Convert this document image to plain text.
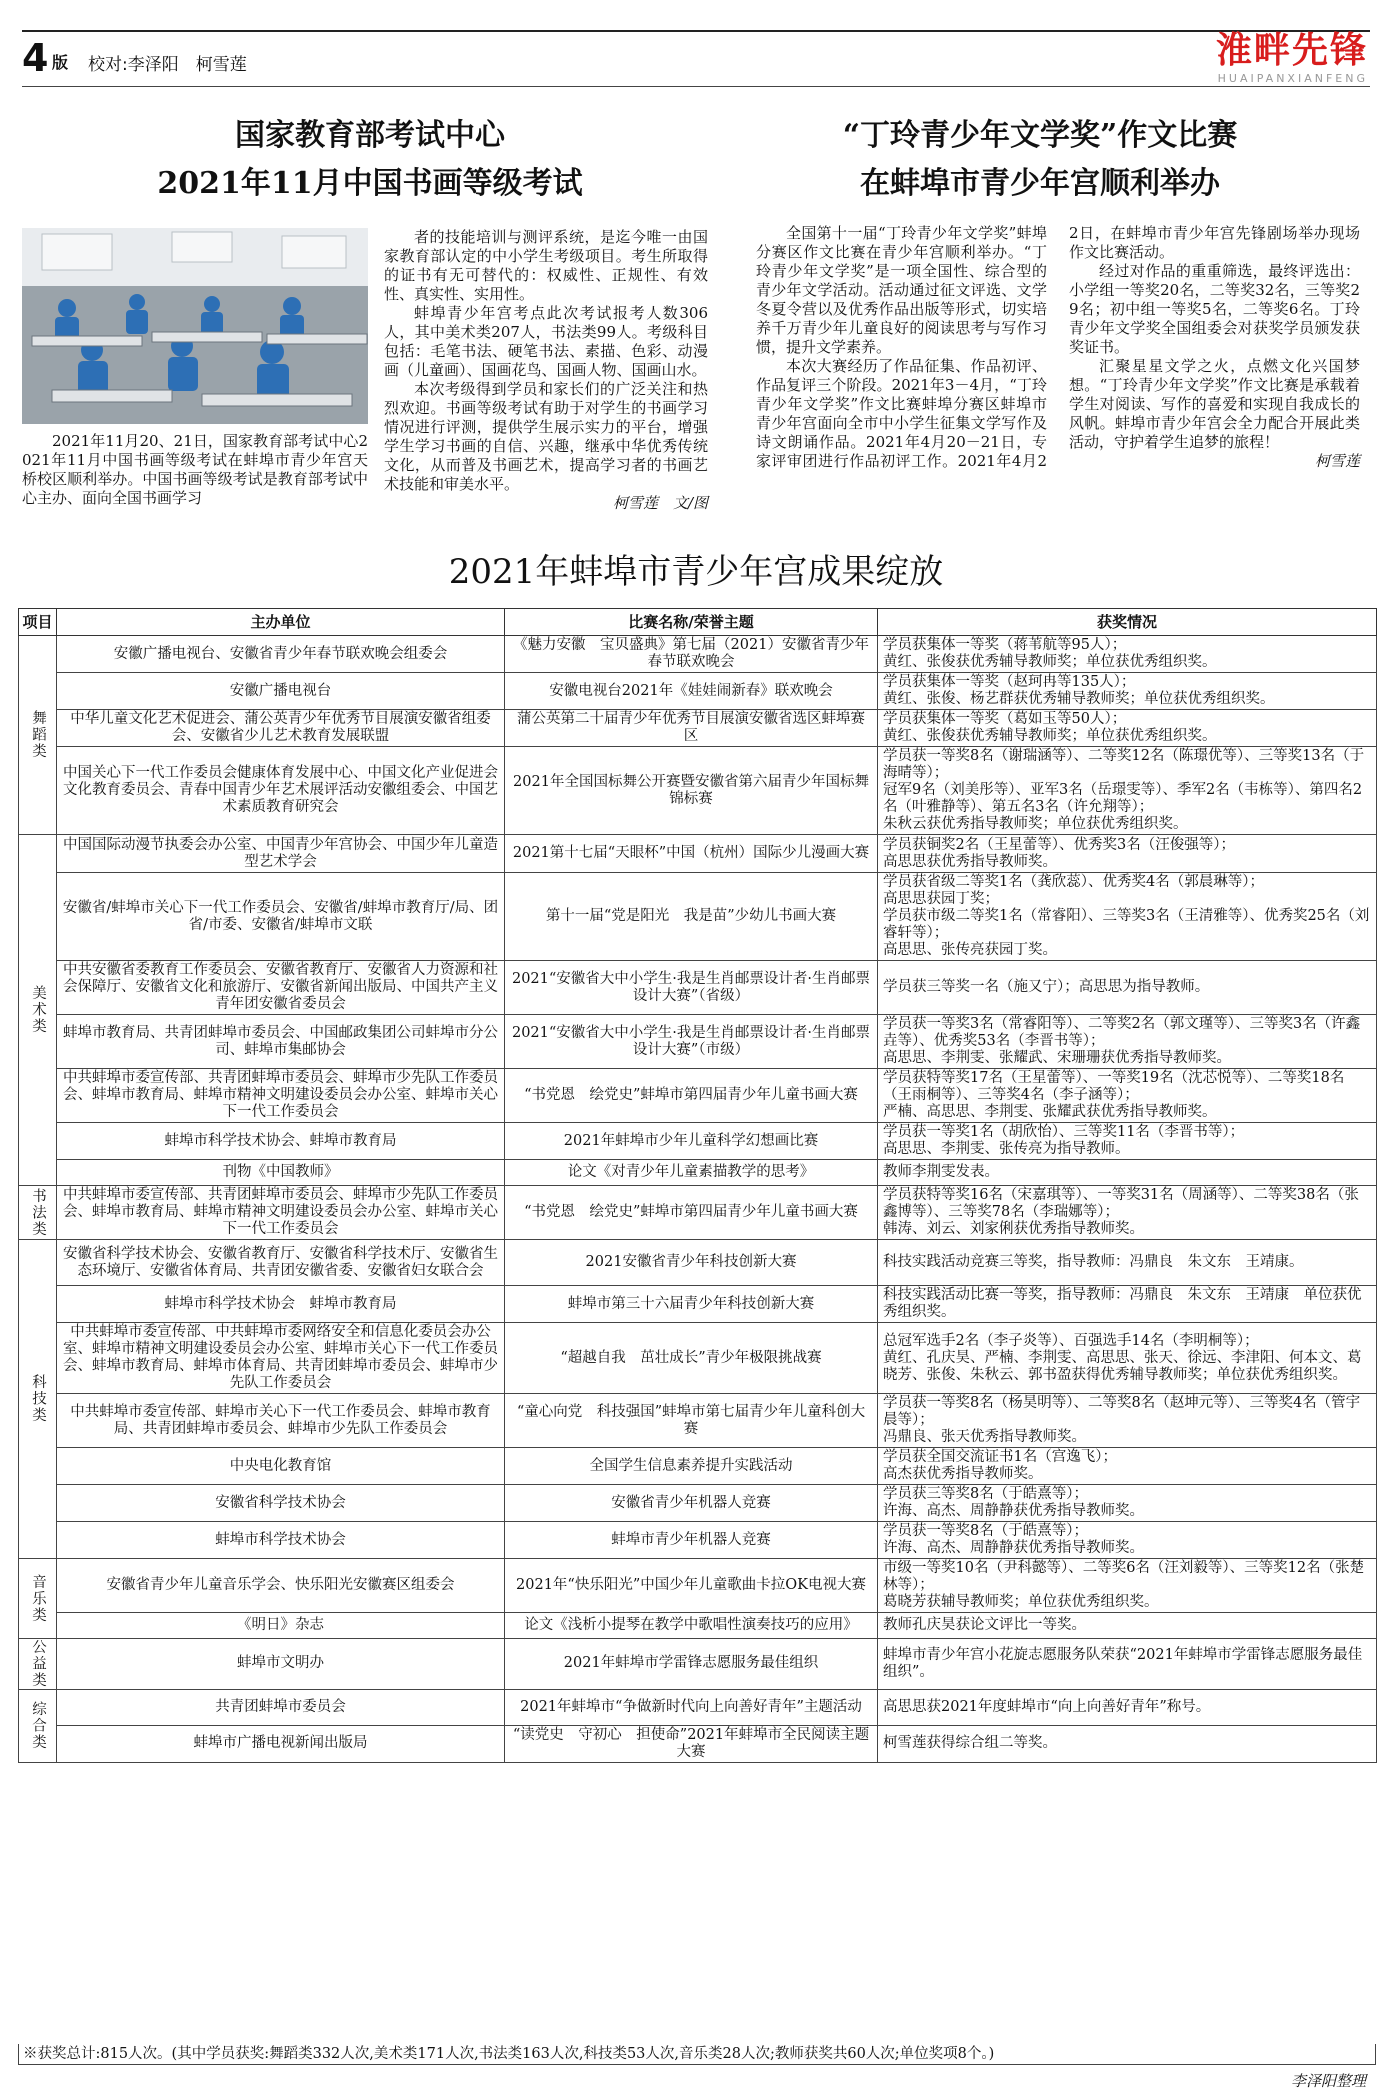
4 版 校对:李泽阳　柯雪莲	淮畔先锋
HUAIPANXIANFENG
国家教育部考试中心
2021年11月中国书画等级考试

2021年11月20、21日，国家教育部考试中心2021年11月中国书画等级考试在蚌埠市青少年宫天桥校区顺利举办。中国书画等级考试是教育部考试中心主办、面向全国书画学习

者的技能培训与测评系统，是迄今唯一由国家教育部认定的中小学生考级项目。考生所取得的证书有无可替代的：权威性、正规性、有效性、真实性、实用性。

蚌埠青少年宫考点此次考试报考人数306人，其中美术类207人，书法类99人。考级科目包括：毛笔书法、硬笔书法、素描、色彩、动漫画（儿童画）、国画花鸟、国画人物、国画山水。

本次考级得到学员和家长们的广泛关注和热烈欢迎。书画等级考试有助于对学生的书画学习情况进行评测，提供学生展示实力的平台，增强学生学习书画的自信、兴趣，继承中华优秀传统文化，从而普及书画艺术，提高学习者的书画艺术技能和审美水平。

柯雪莲　文/图
“丁玲青少年文学奖”作文比赛
在蚌埠市青少年宫顺利举办

全国第十一届“丁玲青少年文学奖”蚌埠分赛区作文比赛在青少年宫顺利举办。“丁玲青少年文学奖”是一项全国性、综合型的青少年文学活动。活动通过征文评选、文学冬夏令营以及优秀作品出版等形式，切实培养千万青少年儿童良好的阅读思考与写作习惯，提升文学素养。

本次大赛经历了作品征集、作品初评、作品复评三个阶段。2021年3－4月，“丁玲青少年文学奖”作文比赛蚌埠分赛区蚌埠市青少年宫面向全市中小学生征集文学写作及诗文朗诵作品。2021年4月20－21日，专家评审团进行作品初评工作。2021年4月22日，在蚌埠市青少年宫先锋剧场举办现场作文比赛活动。

经过对作品的重重筛选，最终评选出：小学组一等奖20名，二等奖32名，三等奖29名；初中组一等奖5名，二等奖6名。丁玲青少年文学奖全国组委会对获奖学员颁发获奖证书。

汇聚星星文学之火，点燃文化兴国梦想。“丁玲青少年文学奖”作文比赛是承载着学生对阅读、写作的喜爱和实现自我成长的风帆。蚌埠市青少年宫会全力配合开展此类活动，守护着学生追梦的旅程！

柯雪莲
2021年蚌埠市青少年宫成果绽放
项目	主办单位	比赛名称/荣誉主题	获奖情况
舞蹈类	安徽广播电视台、安徽省青少年春节联欢晚会组委会	《魅力安徽　宝贝盛典》第七届（2021）安徽省青少年春节联欢晚会	学员获集体一等奖（蒋苇航等95人）；
黄红、张俊获优秀辅导教师奖；单位获优秀组织奖。
	安徽广播电视台	安徽电视台2021年《娃娃闹新春》联欢晚会	学员获集体一等奖（赵珂冉等135人）；
黄红、张俊、杨艺群获优秀辅导教师奖；单位获优秀组织奖。
	中华儿童文化艺术促进会、蒲公英青少年优秀节目展演安徽省组委会、安徽省少儿艺术教育发展联盟	蒲公英第二十届青少年优秀节目展演安徽省选区蚌埠赛区	学员获集体一等奖（葛如玉等50人）；
黄红、张俊获优秀辅导教师奖；单位获优秀组织奖。
	中国关心下一代工作委员会健康体育发展中心、中国文化产业促进会文化教育委员会、青春中国青少年艺术展评活动安徽组委会、中国艺术素质教育研究会	2021年全国国标舞公开赛暨安徽省第六届青少年国标舞锦标赛	学员获一等奖8名（谢瑞涵等）、二等奖12名（陈璟优等）、三等奖13名（于海晴等）；
冠军9名（刘美彤等）、亚军3名（岳璟雯等）、季军2名（韦栋等）、第四名2名（叶雅静等）、第五名3名（许允翔等）；
朱秋云获优秀指导教师奖；单位获优秀组织奖。
美术类	中国国际动漫节执委会办公室、中国青少年宫协会、中国少年儿童造型艺术学会	2021第十七届“天眼杯”中国（杭州）国际少儿漫画大赛	学员获铜奖2名（王星蕾等）、优秀奖3名（汪俊强等）；
高思思获优秀指导教师奖。
	安徽省/蚌埠市关心下一代工作委员会、安徽省/蚌埠市教育厅/局、团省/市委、安徽省/蚌埠市文联	第十一届“党是阳光　我是苗”少幼儿书画大赛	学员获省级二等奖1名（龚欣蕊）、优秀奖4名（郭晨琳等）；
高思思获园丁奖；
学员获市级二等奖1名（常睿阳）、三等奖3名（王清雅等）、优秀奖25名（刘睿轩等）；
高思思、张传亮获园丁奖。
	中共安徽省委教育工作委员会、安徽省教育厅、安徽省人力资源和社会保障厅、安徽省文化和旅游厅、安徽省新闻出版局、中国共产主义青年团安徽省委员会	2021“安徽省大中小学生·我是生肖邮票设计者·生肖邮票设计大赛”（省级）	学员获三等奖一名（施又宁）；高思思为指导教师。
	蚌埠市教育局、共青团蚌埠市委员会、中国邮政集团公司蚌埠市分公司、蚌埠市集邮协会	2021“安徽省大中小学生·我是生肖邮票设计者·生肖邮票设计大赛”（市级）	学员获一等奖3名（常睿阳等）、二等奖2名（郭文瑾等）、三等奖3名（许鑫垚等）、优秀奖53名（李晋书等）；
高思思、李荆雯、张耀武、宋珊珊获优秀指导教师奖。
	中共蚌埠市委宣传部、共青团蚌埠市委员会、蚌埠市少先队工作委员会、蚌埠市教育局、蚌埠市精神文明建设委员会办公室、蚌埠市关心下一代工作委员会	“书党恩　绘党史”蚌埠市第四届青少年儿童书画大赛	学员获特等奖17名（王星蕾等）、一等奖19名（沈芯悦等）、二等奖18名（王雨桐等）、三等奖4名（李子涵等）；
严楠、高思思、李荆雯、张耀武获优秀指导教师奖。
	蚌埠市科学技术协会、蚌埠市教育局	2021年蚌埠市少年儿童科学幻想画比赛	学员获一等奖1名（胡欣怡）、三等奖11名（李晋书等）；
高思思、李荆雯、张传亮为指导教师。
	刊物《中国教师》	论文《对青少年儿童素描教学的思考》	教师李荆雯发表。
书法类	中共蚌埠市委宣传部、共青团蚌埠市委员会、蚌埠市少先队工作委员会、蚌埠市教育局、蚌埠市精神文明建设委员会办公室、蚌埠市关心下一代工作委员会	“书党恩　绘党史”蚌埠市第四届青少年儿童书画大赛	学员获特等奖16名（宋嘉琪等）、一等奖31名（周涵等）、二等奖38名（张鑫博等）、三等奖78名（李瑞娜等）；
韩涛、刘云、刘家俐获优秀指导教师奖。
科技类	安徽省科学技术协会、安徽省教育厅、安徽省科学技术厅、安徽省生态环境厅、安徽省体育局、共青团安徽省委、安徽省妇女联合会	2021安徽省青少年科技创新大赛	科技实践活动竞赛三等奖，指导教师：冯鼎良　朱文东　王靖康。
	蚌埠市科学技术协会　蚌埠市教育局	蚌埠市第三十六届青少年科技创新大赛	科技实践活动比赛一等奖，指导教师：冯鼎良　朱文东　王靖康　单位获优秀组织奖。
	中共蚌埠市委宣传部、中共蚌埠市委网络安全和信息化委员会办公室、蚌埠市精神文明建设委员会办公室、蚌埠市关心下一代工作委员会、蚌埠市教育局、蚌埠市体育局、共青团蚌埠市委员会、蚌埠市少先队工作委员会	“超越自我　茁壮成长”青少年极限挑战赛	总冠军选手2名（李子炎等）、百强选手14名（李明桐等）；
黄红、孔庆昊、严楠、李荆雯、高思思、张天、徐远、李津阳、何本文、葛晓芳、张俊、朱秋云、郭书盈获得优秀辅导教师奖；单位获优秀组织奖。
	中共蚌埠市委宣传部、蚌埠市关心下一代工作委员会、蚌埠市教育局、共青团蚌埠市委员会、蚌埠市少先队工作委员会	“童心向党　科技强国”蚌埠市第七届青少年儿童科创大赛	学员获一等奖8名（杨昊明等）、二等奖8名（赵坤元等）、三等奖4名（管宇晨等）；
冯鼎良、张天优秀指导教师奖。
	中央电化教育馆	全国学生信息素养提升实践活动	学员获全国交流证书1名（宫逸飞）；
高杰获优秀指导教师奖。
	安徽省科学技术协会	安徽省青少年机器人竞赛	学员获三等奖8名（于皓熹等）；
许海、高杰、周静静获优秀指导教师奖。
	蚌埠市科学技术协会	蚌埠市青少年机器人竞赛	学员获一等奖8名（于皓熹等）；
许海、高杰、周静静获优秀指导教师奖。
音乐类	安徽省青少年儿童音乐学会、快乐阳光安徽赛区组委会	2021年“快乐阳光”中国少年儿童歌曲卡拉OK电视大赛	市级一等奖10名（尹科懿等）、二等奖6名（汪刘毅等）、三等奖12名（张楚林等）；
葛晓芳获辅导教师奖；单位获优秀组织奖。
	《明日》杂志	论文《浅析小提琴在教学中歌唱性演奏技巧的应用》	教师孔庆昊获论文评比一等奖。
公益类	蚌埠市文明办	2021年蚌埠市学雷锋志愿服务最佳组织	蚌埠市青少年宫小花旋志愿服务队荣获“2021年蚌埠市学雷锋志愿服务最佳组织”。
综合类	共青团蚌埠市委员会	2021年蚌埠市“争做新时代向上向善好青年”主题活动	高思思获2021年度蚌埠市“向上向善好青年”称号。
	蚌埠市广播电视新闻出版局	“读党史　守初心　担使命”2021年蚌埠市全民阅读主题大赛	柯雪莲获得综合组二等奖。
※获奖总计:815人次。(其中学员获奖:舞蹈类332人次,美术类171人次,书法类163人次,科技类53人次,音乐类28人次;教师获奖共60人次;单位奖项8个。)
李泽阳整理
